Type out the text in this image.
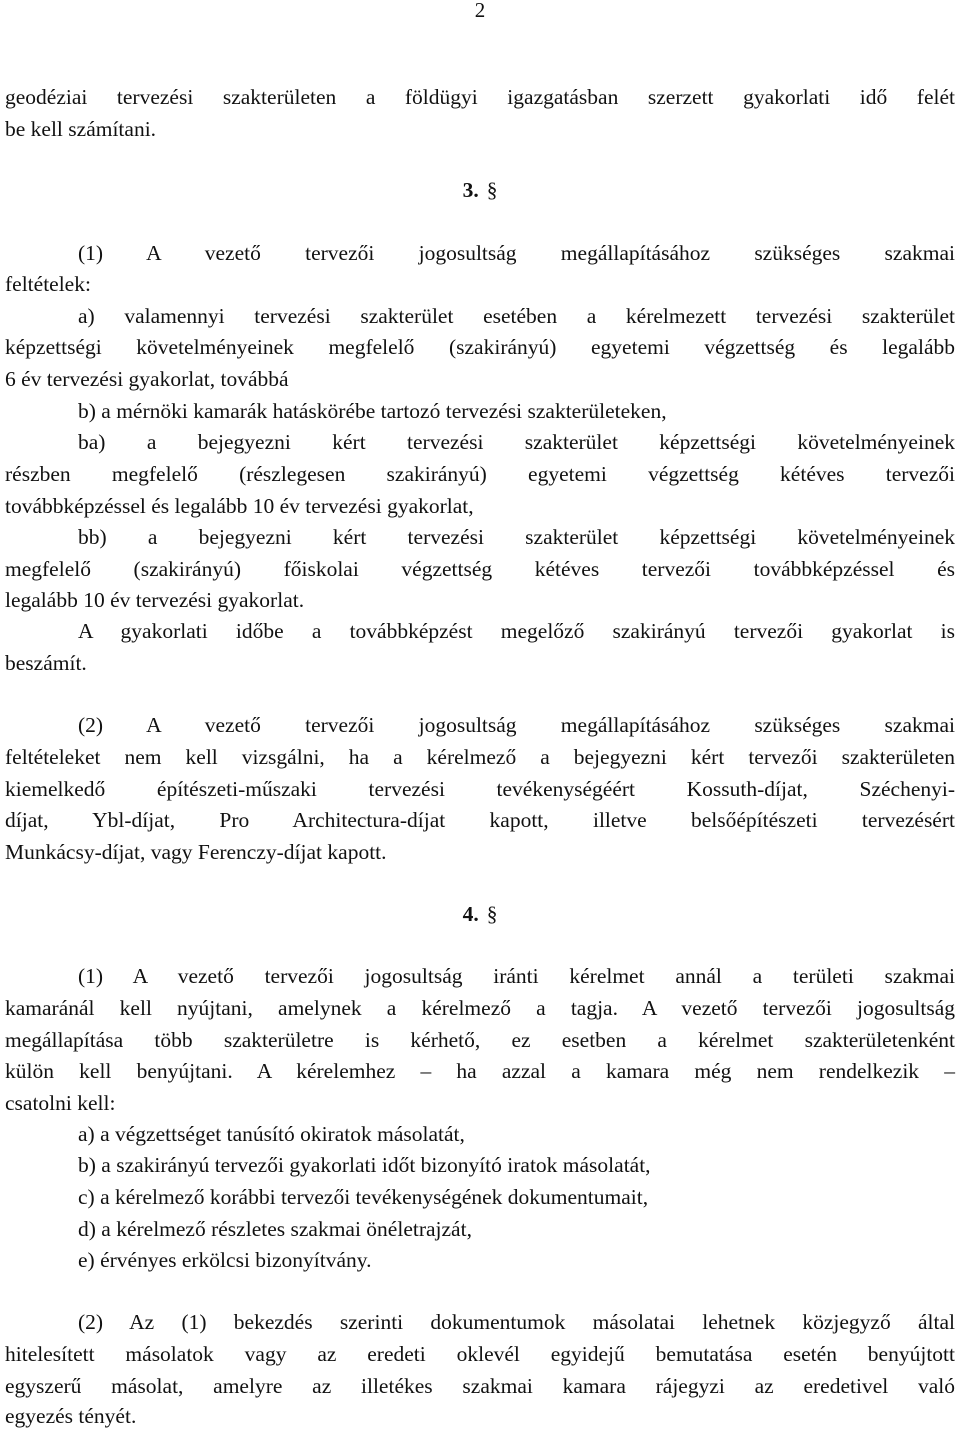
2
geodéziai tervezési szakterületen a földügyi igazgatásban szerzett gyakorlati idő felét
be kell számítani.
3. §
(1) A vezető tervezői jogosultság megállapításához szükséges szakmai
feltételek:
a) valamennyi tervezési szakterület esetében a kérelmezett tervezési szakterület
képzettségi követelményeinek megfelelő (szakirányú) egyetemi végzettség és legalább
6 év tervezési gyakorlat, továbbá
b) a mérnöki kamarák hatáskörébe tartozó tervezési szakterületeken,
ba) a bejegyezni kért tervezési szakterület képzettségi követelményeinek
részben megfelelő (részlegesen szakirányú) egyetemi végzettség kétéves tervezői
továbbképzéssel és legalább 10 év tervezési gyakorlat,
bb) a bejegyezni kért tervezési szakterület képzettségi követelményeinek
megfelelő (szakirányú) főiskolai végzettség kétéves tervezői továbbképzéssel és
legalább 10 év tervezési gyakorlat.
A gyakorlati időbe a továbbképzést megelőző szakirányú tervezői gyakorlat is
beszámít.
(2) A vezető tervezői jogosultság megállapításához szükséges szakmai
feltételeket nem kell vizsgálni, ha a kérelmező a bejegyezni kért tervezői szakterületen
kiemelkedő építészeti-műszaki tervezési tevékenységéért Kossuth-díjat, Széchenyi-
díjat, Ybl-díjat, Pro Architectura-díjat kapott, illetve belsőépítészeti tervezésért
Munkácsy-díjat, vagy Ferenczy-díjat kapott.
4. §
(1) A vezető tervezői jogosultság iránti kérelmet annál a területi szakmai
kamaránál kell nyújtani, amelynek a kérelmező a tagja. A vezető tervezői jogosultság
megállapítása több szakterületre is kérhető, ez esetben a kérelmet szakterületenként
külön kell benyújtani. A kérelemhez – ha azzal a kamara még nem rendelkezik –
csatolni kell:
a) a végzettséget tanúsító okiratok másolatát,
b) a szakirányú tervezői gyakorlati időt bizonyító iratok másolatát,
c) a kérelmező korábbi tervezői tevékenységének dokumentumait,
d) a kérelmező részletes szakmai önéletrajzát,
e) érvényes erkölcsi bizonyítvány.
(2) Az (1) bekezdés szerinti dokumentumok másolatai lehetnek közjegyző által
hitelesített másolatok vagy az eredeti oklevél egyidejű bemutatása esetén benyújtott
egyszerű másolat, amelyre az illetékes szakmai kamara rájegyzi az eredetivel való
egyezés tényét.
